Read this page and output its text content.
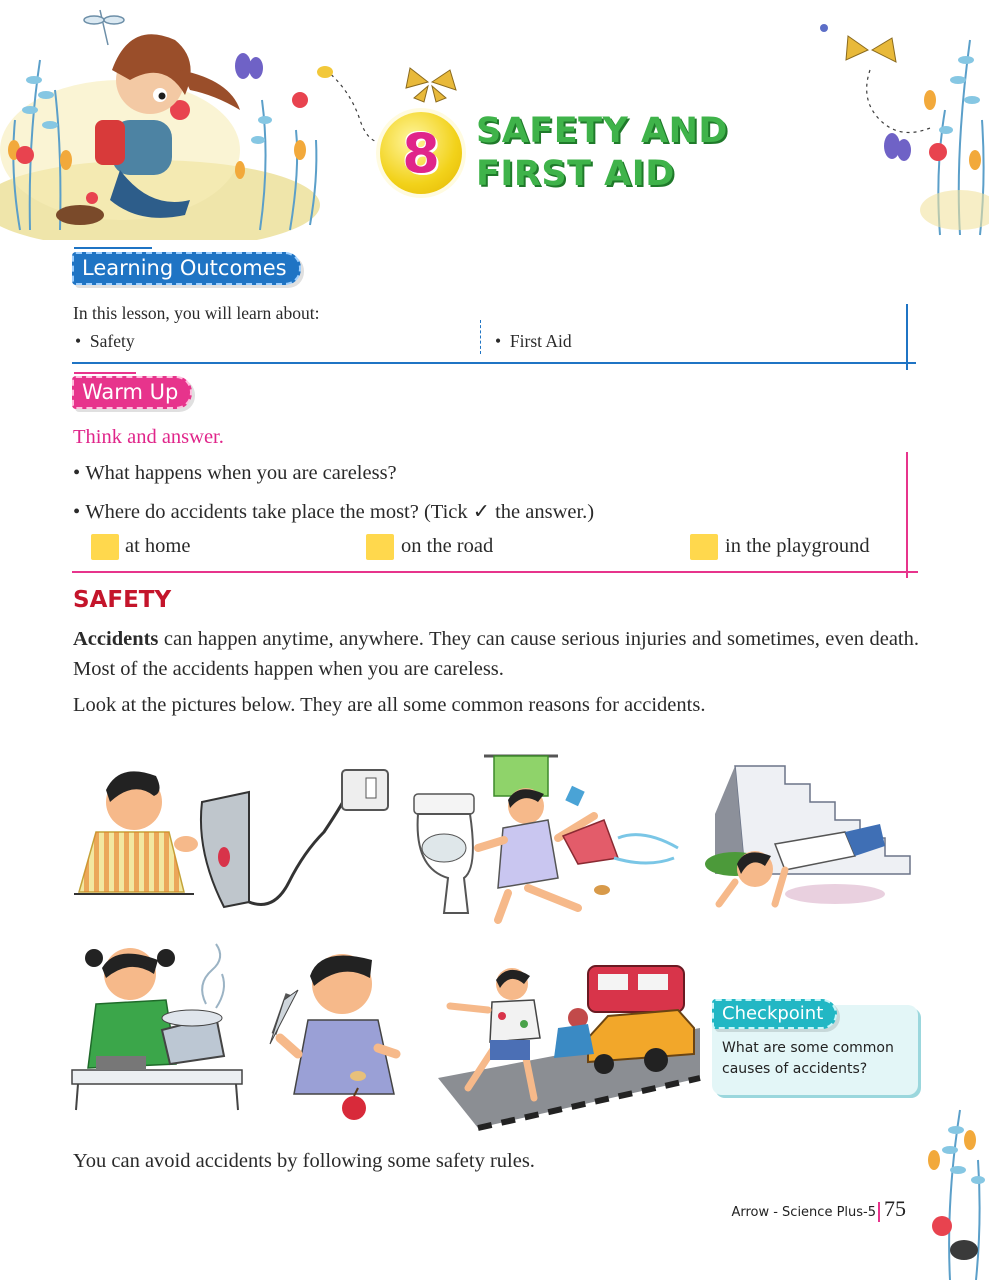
8	SAFETY AND
FIRST AID
Learning Outcomes
In this lesson, you will learn about:
•  Safety	•  First Aid
Warm Up
Think and answer.
• What happens when you are careless?
• Where do accidents take place the most? (Tick ✓ the answer.)
at home	on the road	in the playground
SAFETY

Accidents can happen anytime, anywhere. They can cause serious injuries and sometimes, even death. Most of the accidents happen when you are careless.

Look at the pictures below. They are all some common reasons for accidents.

Checkpoint
What are some common causes of accidents?

You can avoid accidents by following some safety rules.

Arrow - Science Plus-5 75
